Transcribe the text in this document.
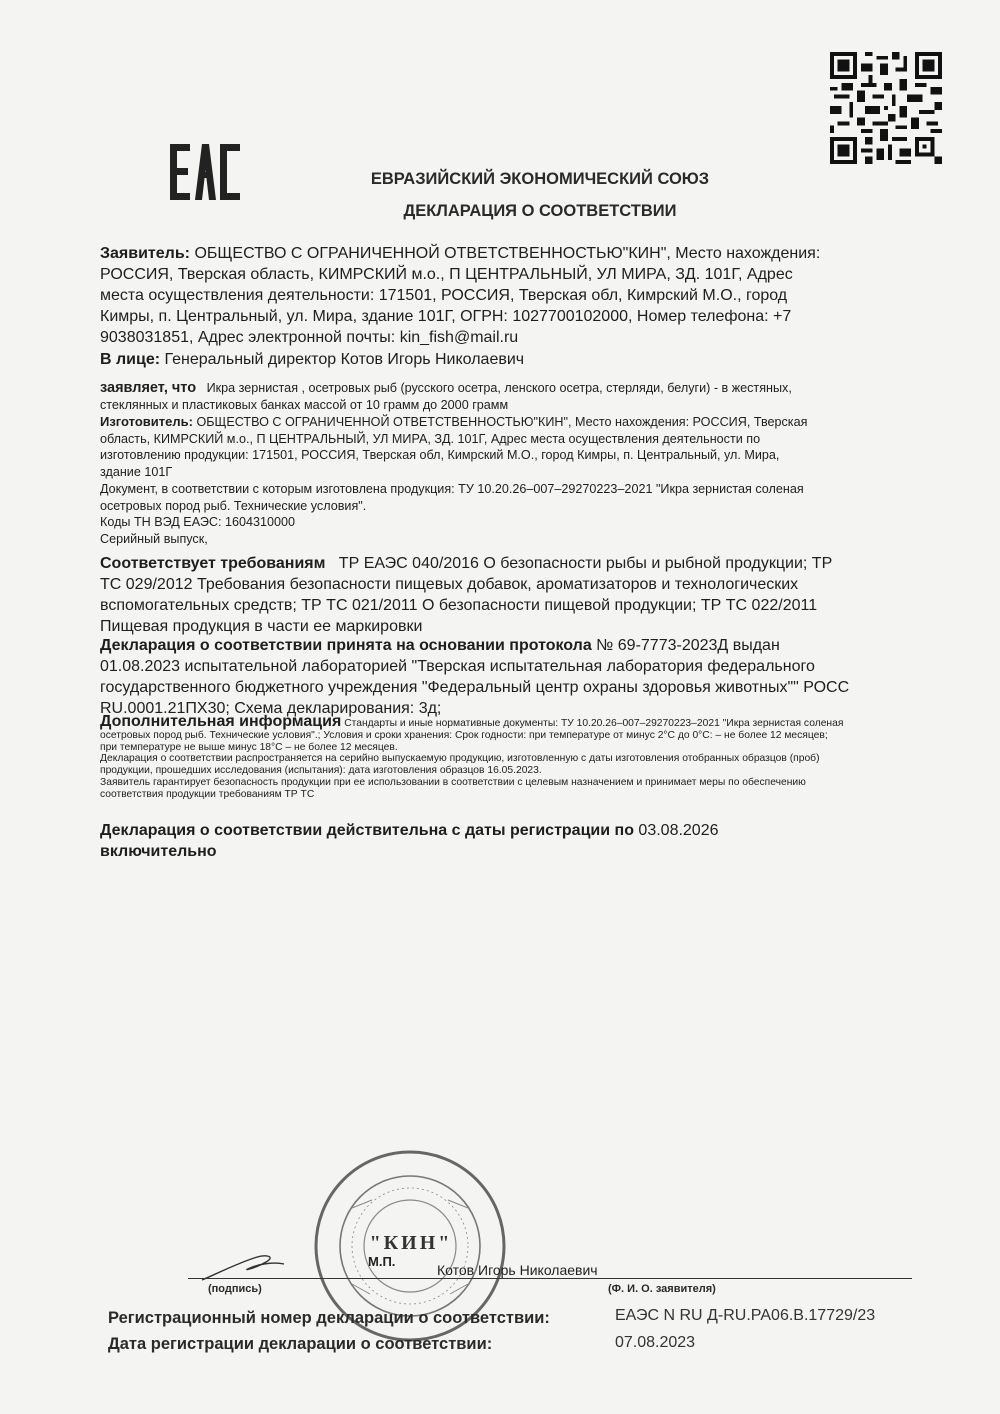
ЕВРАЗИЙСКИЙ ЭКОНОМИЧЕСКИЙ СОЮЗ
ДЕКЛАРАЦИЯ О СООТВЕТСТВИИ

Заявитель: ОБЩЕСТВО С ОГРАНИЧЕННОЙ ОТВЕТСТВЕННОСТЬЮ"КИН", Место нахождения:

РОССИЯ, Тверская область, КИМРСКИЙ м.о., П ЦЕНТРАЛЬНЫЙ, УЛ МИРА, ЗД. 101Г, Адрес

места осуществления деятельности: 171501, РОССИЯ, Тверская обл, Кимрский М.О., город

Кимры, п. Центральный, ул. Мира, здание 101Г, ОГРН: 1027700102000, Номер телефона: +7

9038031851, Адрес электронной почты: kin_fish@mail.ru

В лице: Генеральный директор Котов Игорь Николаевич

заявляет, что Икра зернистая , осетровых рыб (русского осетра, ленского осетра, стерляди, белуги) - в жестяных,

стеклянных и пластиковых банках массой от 10 грамм до 2000 грамм

Изготовитель: ОБЩЕСТВО С ОГРАНИЧЕННОЙ ОТВЕТСТВЕННОСТЬЮ"КИН", Место нахождения: РОССИЯ, Тверская

область, КИМРСКИЙ м.о., П ЦЕНТРАЛЬНЫЙ, УЛ МИРА, ЗД. 101Г, Адрес места осуществления деятельности по

изготовлению продукции: 171501, РОССИЯ, Тверская обл, Кимрский М.О., город Кимры, п. Центральный, ул. Мира,

здание 101Г

Документ, в соответствии с которым изготовлена продукция: ТУ 10.20.26–007–29270223–2021 "Икра зернистая соленая

осетровых пород рыб. Технические условия".

Коды ТН ВЭД ЕАЭС: 1604310000

Серийный выпуск,

Соответствует требованиям ТР ЕАЭС 040/2016 О безопасности рыбы и рыбной продукции; ТР

ТС 029/2012 Требования безопасности пищевых добавок, ароматизаторов и технологических

вспомогательных средств; ТР ТС 021/2011 О безопасности пищевой продукции; ТР ТС 022/2011

Пищевая продукция в части ее маркировки

Декларация о соответствии принята на основании протокола № 69-7773-2023Д выдан

01.08.2023 испытательной лабораторией "Тверская испытательная лаборатория федерального

государственного бюджетного учреждения "Федеральный центр охраны здоровья животных"" РОСС

RU.0001.21ПХ30; Схема декларирования: 3д;

Дополнительная информация Стандарты и иные нормативные документы: ТУ 10.20.26–007–29270223–2021 "Икра зернистая соленая

осетровых пород рыб. Технические условия".; Условия и сроки хранения: Срок годности: при температуре от минус 2°С до 0°С: – не более 12 месяцев;

при температуре не выше минус 18°С – не более 12 месяцев.

Декларация о соответствии распространяется на серийно выпускаемую продукцию, изготовленную с даты изготовления отобранных образцов (проб)

продукции, прошедших исследования (испытания): дата изготовления образцов 16.05.2023.

Заявитель гарантирует безопасность продукции при ее использовании в соответствии с целевым назначением и принимает меры по обеспечению

соответствия продукции требованиям ТР ТС

Декларация о соответствии действительна с даты регистрации по 03.08.2026

включительно

"КИН"
М.П.
Котов Игорь Николаевич
(подпись)	(Ф. И. О. заявителя)
Регистрационный номер декларации о соответствии:	ЕАЭС N RU Д-RU.РА06.В.17729/23
Дата регистрации декларации о соответствии:	07.08.2023
